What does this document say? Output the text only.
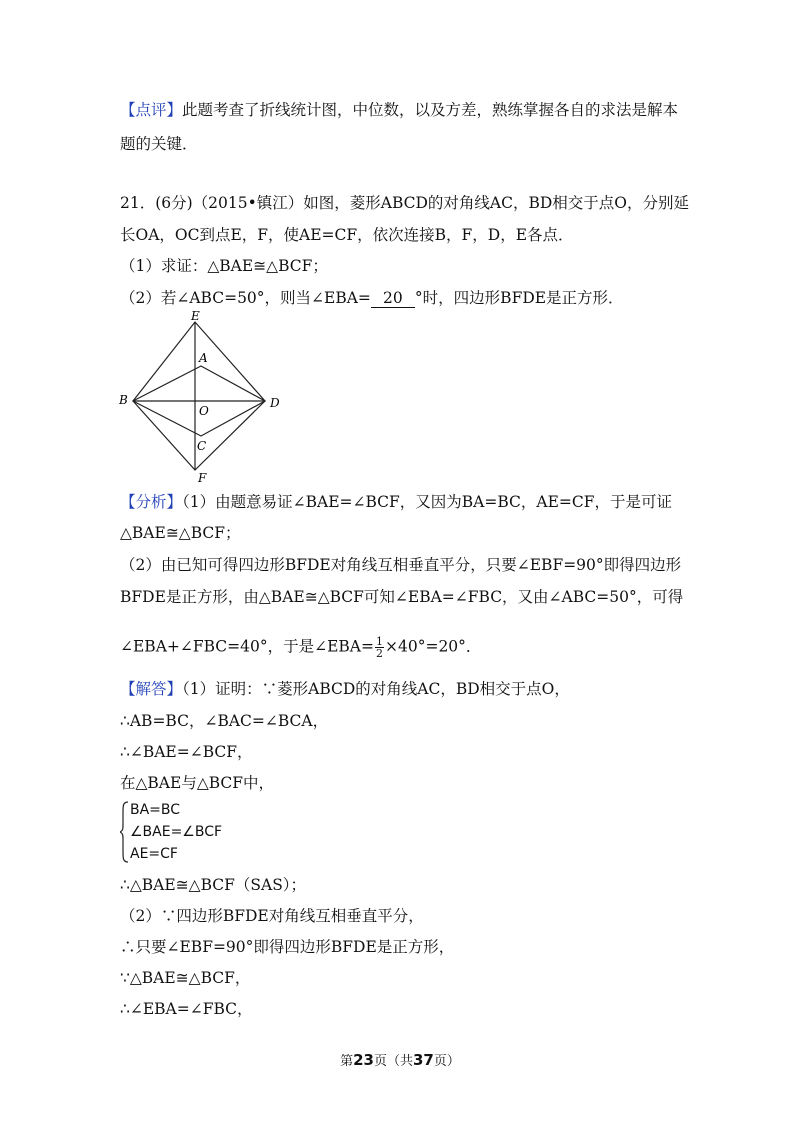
【点评】此题考查了折线统计图，中位数，以及方差，熟练掌握各自的求法是解本
题的关键．
21．(6分)（2015•镇江）如图，菱形ABCD的对角线AC，BD相交于点O，分别延
长OA，OC到点E，F，使AE=CF，依次连接B，F，D，E各点．
（1）求证：△BAE≅△BCF；
（2）若∠ABC=50°，则当∠EBA= 20 °时，四边形BFDE是正方形．
E
A
B
O
D
C
F
【分析】（1）由题意易证∠BAE=∠BCF，又因为BA=BC，AE=CF，于是可证
△BAE≅△BCF；
（2）由已知可得四边形BFDE对角线互相垂直平分，只要∠EBF=90°即得四边形
BFDE是正方形，由△BAE≅△BCF可知∠EBA=∠FBC，又由∠ABC=50°，可得
∠EBA+∠FBC=40°，于是∠EBA= $\frac{1}{2} \times 40^\circ=20^\circ$．
【解答】（1）证明：∵菱形ABCD的对角线AC，BD相交于点O，
∴AB=BC，∠BAC=∠BCA，
∴∠BAE=∠BCF，
在△BAE与△BCF中，
BA=BC
∠BAE=∠BCF
AE=CF
∴△BAE≅△BCF（SAS）；
（2）∵四边形BFDE对角线互相垂直平分，
∴只要∠EBF=90°即得四边形BFDE是正方形，
∵△BAE≅△BCF，
∴∠EBA=∠FBC，
第23页（共37页）
